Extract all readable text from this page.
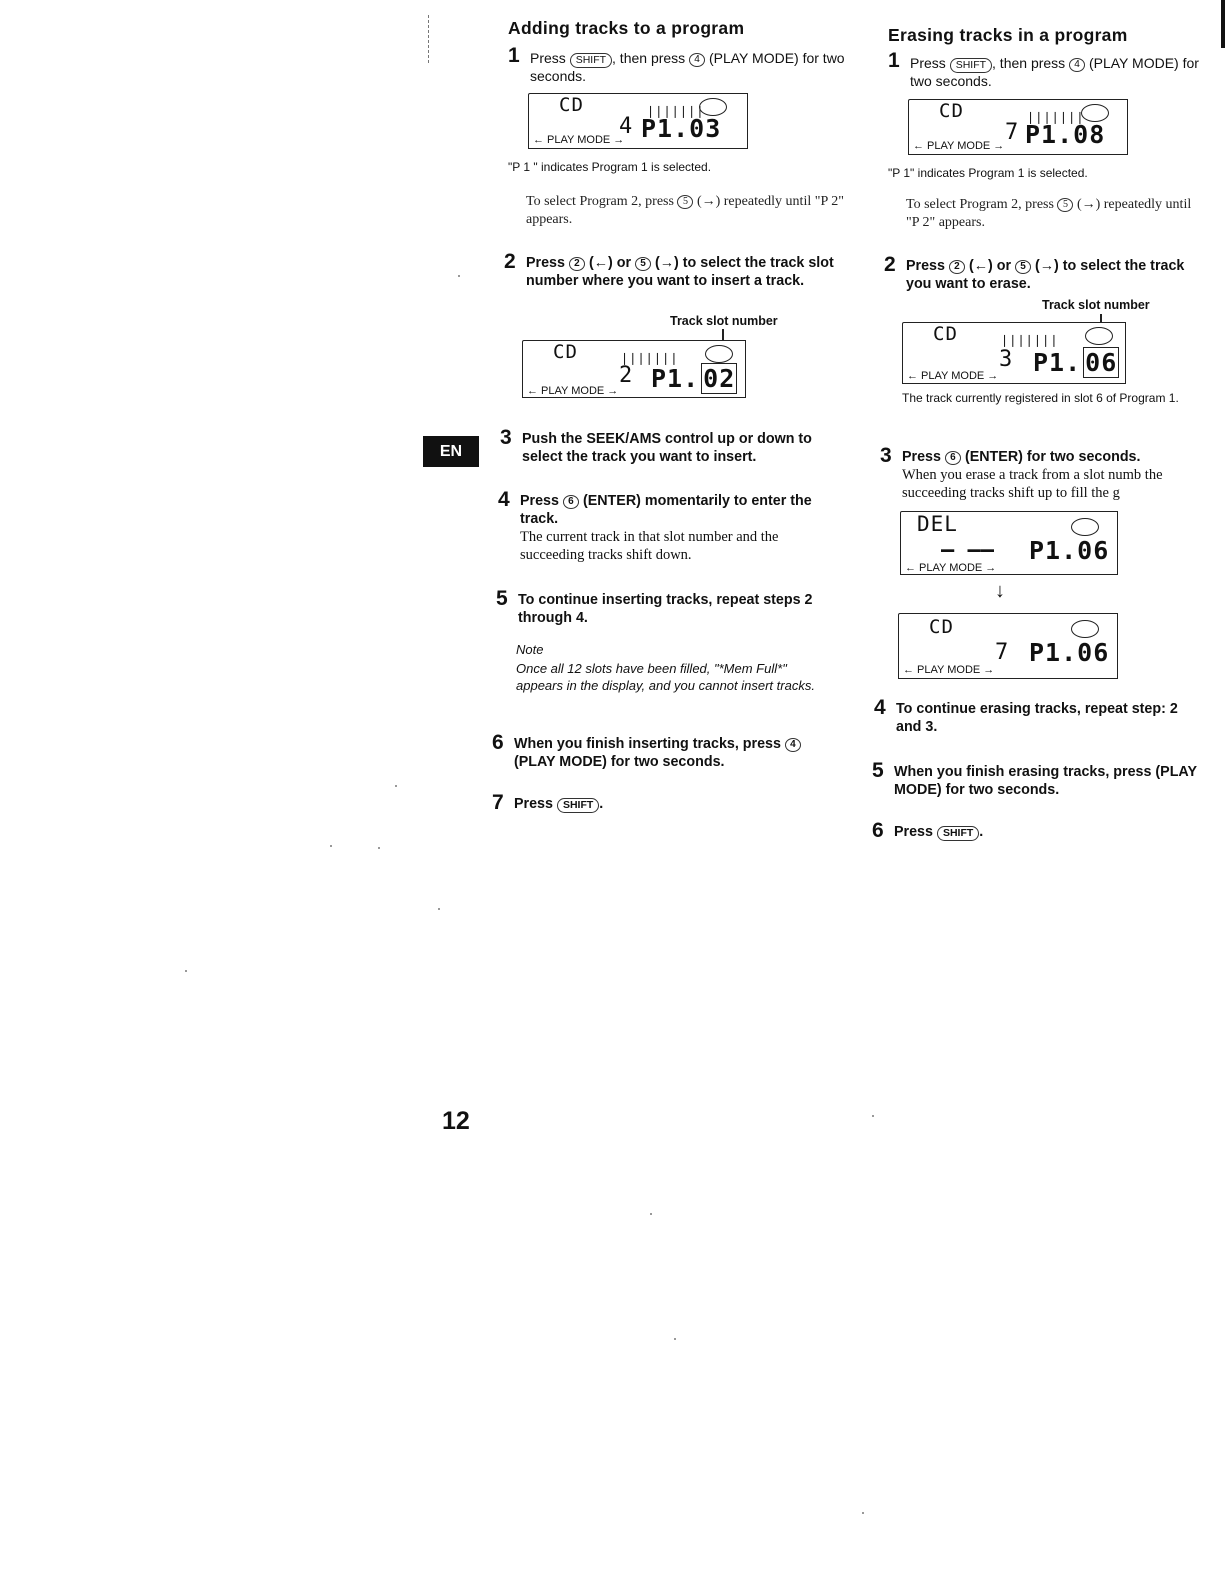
EN
12
Adding tracks to a program
1 Press SHIFT , then press 4 (PLAY MODE) for two seconds.
CD	∣∣∣∣∣∣∣
4 P1.03
← PLAY MODE →
"P 1 " indicates Program 1 is selected.
To select Program 2, press 5 (→) repeatedly until "P 2" appears.
2 Press 2 (←) or 5 (→) to select the track slot number where you want to insert a track.
Track slot number
CD	∣∣∣∣∣∣∣
2 P1. 02
← PLAY MODE →
3 Push the SEEK/AMS control up or down to select the track you want to insert.
4 Press 6 (ENTER) momentarily to enter the track.
The current track in that slot number and the succeeding tracks shift down.
5 To continue inserting tracks, repeat steps 2 through 4.
Note
Once all 12 slots have been filled, "*Mem Full*" appears in the display, and you cannot insert tracks.
6 When you finish inserting tracks, press 4 (PLAY MODE) for two seconds.
7 Press SHIFT .
Erasing tracks in a program
1 Press SHIFT , then press 4 (PLAY MODE) for two seconds.
CD	∣∣∣∣∣∣∣
7 P1.08
← PLAY MODE →
"P 1" indicates Program 1 is selected.
To select Program 2, press 5 (→) repeatedly until "P 2" appears.
2 Press 2 (←) or 5 (→) to select the track you want to erase.
Track slot number
CD	∣∣∣∣∣∣∣
3 P1. 06
← PLAY MODE →
The track currently registered in slot 6 of Program 1.
3 Press 6 (ENTER) for two seconds.
When you erase a track from a slot numb the succeeding tracks shift up to fill the g
DEL
– –– P1.06
← PLAY MODE →
↓
CD
7 P1.06
← PLAY MODE →
4 To continue erasing tracks, repeat step: 2 and 3.
5 When you finish erasing tracks, press (PLAY MODE) for two seconds.
6 Press SHIFT .
